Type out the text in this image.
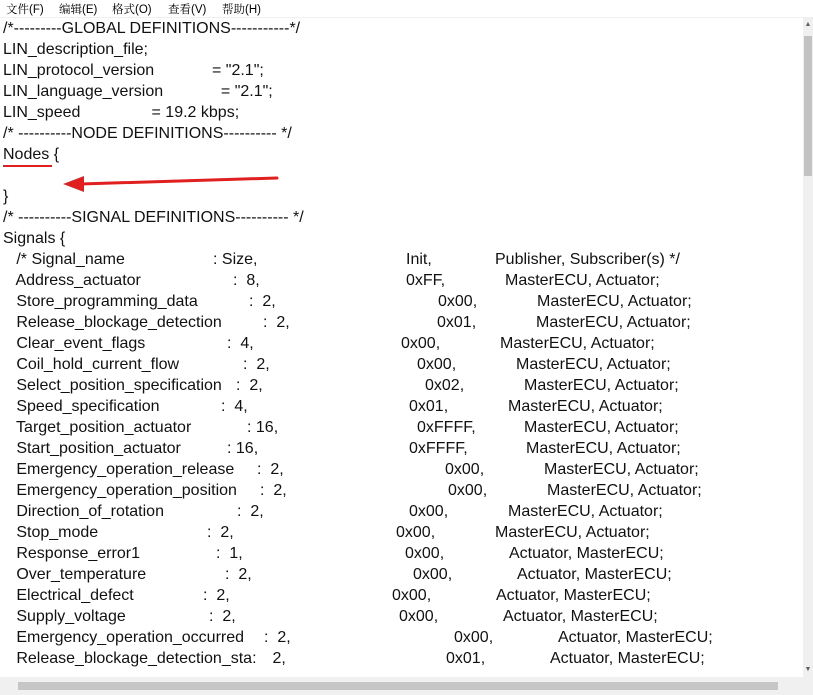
文件(F) 编辑(E) 格式(O) 查看(V) 帮助(H)
/*---------GLOBAL DEFINITIONS-----------*/
LIN_description_file;
LIN_protocol_version             = "2.1";
LIN_language_version             = "2.1";
LIN_speed                = 19.2 kbps;
/* ----------NODE DEFINITIONS---------- */
Nodes {
}
/* ----------SIGNAL DEFINITIONS---------- */
Signals {
/* Signal_name	: Size,	Init,	Publisher, Subscriber(s) */
Address_actuator	:  8,	0xFF,	MasterECU, Actuator;
Store_programming_data	:  2,	0x00,	MasterECU, Actuator;
Release_blockage_detection	:  2,	0x01,	MasterECU, Actuator;
Clear_event_flags	:  4,	0x00,	MasterECU, Actuator;
Coil_hold_current_flow	:  2,	0x00,	MasterECU, Actuator;
Select_position_specification :  2,	0x02,	MasterECU, Actuator;
Speed_specification	:  4,	0x01,	MasterECU, Actuator;
Target_position_actuator	: 16,	0xFFFF,	MasterECU, Actuator;
Start_position_actuator	: 16,	0xFFFF,	MasterECU, Actuator;
Emergency_operation_release :  2,	0x00,	MasterECU, Actuator;
Emergency_operation_position :  2,	0x00,	MasterECU, Actuator;
Direction_of_rotation	:  2,	0x00,	MasterECU, Actuator;
Stop_mode	:  2,	0x00,	MasterECU, Actuator;
Response_error1	:  1,	0x00,	Actuator, MasterECU;
Over_temperature	:  2,	0x00,	Actuator, MasterECU;
Electrical_defect	:  2,	0x00,	Actuator, MasterECU;
Supply_voltage	:  2,	0x00,	Actuator, MasterECU;
Emergency_operation_occurred :  2,	0x00,	Actuator, MasterECU;
Release_blockage_detection_sta: 2,	0x01,	Actuator, MasterECU;
▲
▼
